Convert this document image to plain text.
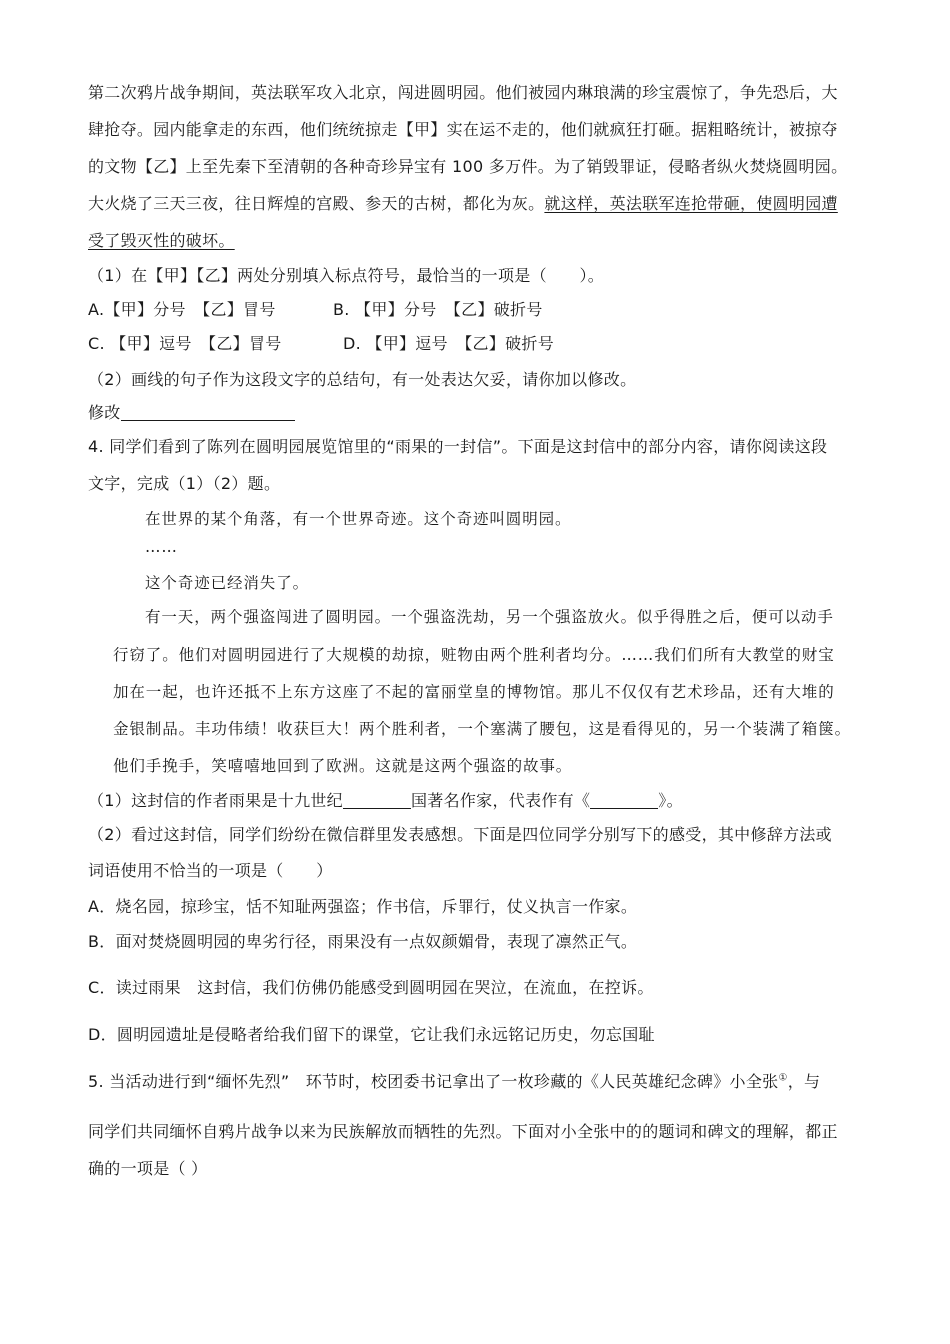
第二次鸦片战争期间，英法联军攻入北京，闯进圆明园。他们被园内琳琅满的珍宝震惊了，争先恐后，大
肆抢夺。园内能拿走的东西，他们统统掠走【甲】实在运不走的，他们就疯狂打砸。据粗略统计，被掠夺
的文物【乙】上至先秦下至清朝的各种奇珍异宝有 100 多万件。为了销毁罪证，侵略者纵火焚烧圆明园。
大火烧了三天三夜，往日辉煌的宫殿、参天的古树，都化为灰。就这样，英法联军连抢带砸，使圆明园遭
受了毁灭性的破坏。
（1）在【甲】【乙】两处分别填入标点符号，最恰当的一项是（　　）。
A.【甲】分号　【乙】冒号	B. 【甲】分号　【乙】破折号
C. 【甲】逗号　【乙】冒号	D. 【甲】逗号　【乙】破折号
（2）画线的句子作为这段文字的总结句，有一处表达欠妥，请你加以修改。
修改
4. 同学们看到了陈列在圆明园展览馆里的“雨果的一封信”。下面是这封信中的部分内容，请你阅读这段
文字，完成（1）（2）题。
在世界的某个角落，有一个世界奇迹。这个奇迹叫圆明园。
……
这个奇迹已经消失了。
有一天，两个强盗闯进了圆明园。一个强盗洗劫，另一个强盗放火。似乎得胜之后，便可以动手
行窃了。他们对圆明园进行了大规模的劫掠，赃物由两个胜利者均分。……我们们所有大教堂的财宝
加在一起，也许还抵不上东方这座了不起的富丽堂皇的博物馆。那儿不仅仅有艺术珍品，还有大堆的
金银制品。丰功伟绩！收获巨大！两个胜利者，一个塞满了腰包，这是看得见的，另一个装满了箱箧。
他们手挽手，笑嘻嘻地回到了欧洲。这就是这两个强盗的故事。
（1）这封信的作者雨果是十九世纪	国著名作家，代表作有《	》。
（2）看过这封信，同学们纷纷在微信群里发表感想。下面是四位同学分别写下的感受，其中修辞方法或
词语使用不恰当的一项是（　　）
A．烧名园，掠珍宝，恬不知耻两强盗；作书信，斥罪行，仗义执言一作家。
B．面对焚烧圆明园的卑劣行径，雨果没有一点奴颜媚骨，表现了凛然正气。
C．读过雨果　这封信，我们仿佛仍能感受到圆明园在哭泣，在流血，在控诉。
D．圆明园遗址是侵略者给我们留下的课堂，它让我们永远铭记历史，勿忘国耻
5. 当活动进行到“缅怀先烈”　环节时，校团委书记拿出了一枚珍藏的《人民英雄纪念碑》小全张①，与
同学们共同缅怀自鸦片战争以来为民族解放而牺牲的先烈。下面对小全张中的的题词和碑文的理解，都正
确的一项是（ ）
